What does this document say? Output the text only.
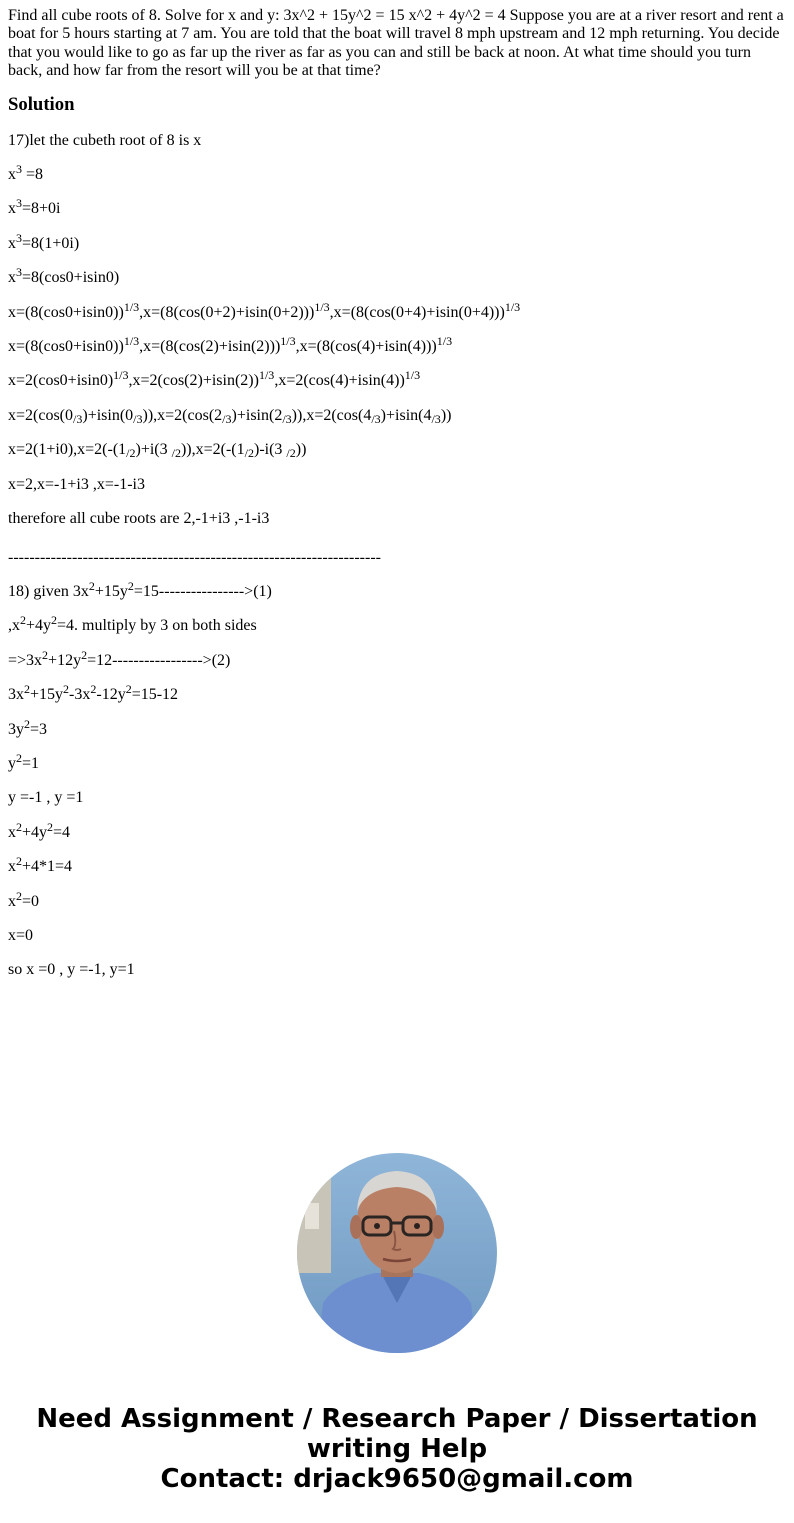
Find all cube roots of 8. Solve for x and y: 3x^2 + 15y^2 = 15 x^2 + 4y^2 = 4 Suppose you are at a river resort and rent a boat for 5 hours starting at 7 am. You are told that the boat will travel 8 mph upstream and 12 mph returning. You decide that you would like to go as far up the river as far as you can and still be back at noon. At what time should you turn back, and how far from the resort will you be at that time?

Solution

17)let the cubeth root of 8 is x

$x^3 =8$

$x^3=8+0i$

$x^3=8(1+0i)$

$x^3=8(\cos 0+isin0)$

$x=(8(\cos 0+isin0))^{1/3},x=(8(\cos(0+2)+isin(0+2)))^{1/3},x=(8(\cos(0+4)+isin(0+4)))^{1/3}$

$x=(8(\cos 0+isin0))^{1/3},x=(8(\cos(2)+isin(2)))^{1/3},x=(8(\cos(4)+isin(4)))^{1/3}$

$x=2(\cos 0+isin0)^{1/3},x=2(\cos(2)+isin(2))^{1/3},x=2(\cos(4)+isin(4))^{1/3}$

$x=2(\cos(0_{/3})+isin(0_{/3})),x=2(\cos(2_{/3})+isin(2_{/3})),x=2(\cos(4_{/3})+isin(4_{/3}))$

$x=2(1+i0),x=2(-(1_{/2})+i(3$ $_{/2})),x=2(-(1_{/2})-i(3$ $_{/2}$))

x=2,x=-1+i3 ,x=-1-i3

therefore all cube roots are 2,-1+i3 ,-1-i3

----------------------------------------------------------------------

18) given $3x^2+15y^2=15---------------->(1)$

$,x^2+4y^2=4$. multiply by 3 on both sides

$=>3x^2+12y^2=12----------------->(2)$

$3x^2+15y^2-3x^2-12y^2=15-12$

$3y^2=3$

$y^2=1$

y =-1 , y =1

$x^2+4y^2=4$

$x^2+4*1=4$

$x^2=0$

x=0

so x =0 , y =-1, y=1

Need Assignment / Research Paper / Dissertation
writing Help
Contact: drjack9650@gmail.com
